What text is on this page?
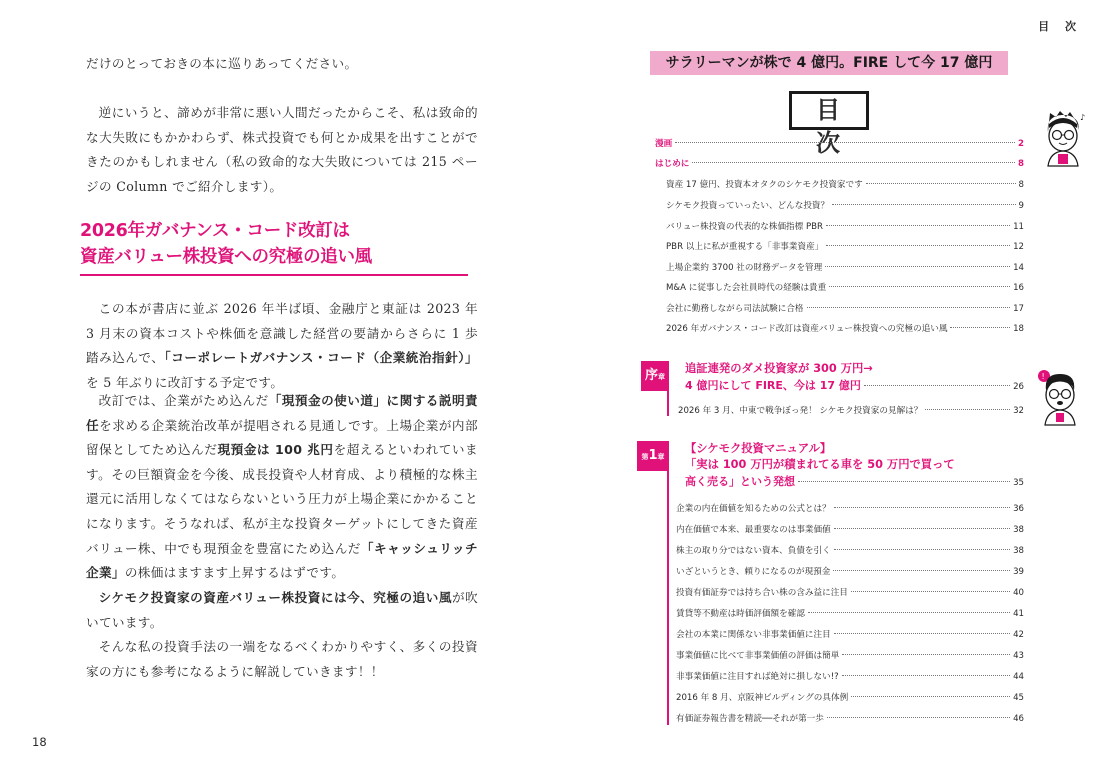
だけのとっておきの本に巡りあってください。

逆にいうと、諦めが非常に悪い人間だったからこそ、私は致命的な大失敗にもかかわらず、株式投資でも何とか成果を出すことができたのかもしれません（私の致命的な大失敗については 215 ページの Column でご紹介します）。

2026年ガバナンス・コード改訂は
資産バリュー株投資への究極の追い風

この本が書店に並ぶ 2026 年半ば頃、金融庁と東証は 2023 年 3 月末の資本コストや株価を意識した経営の要請からさらに 1 歩踏み込んで、「コーポレートガバナンス・コード（企業統治指針）」を 5 年ぶりに改訂する予定です。

改訂では、企業がため込んだ「現預金の使い道」に関する説明責任を求める企業統治改革が提唱される見通しです。上場企業が内部留保としてため込んだ現預金は 100 兆円を超えるといわれています。その巨額資金を今後、成長投資や人材育成、より積極的な株主還元に活用しなくてはならないという圧力が上場企業にかかることになります。そうなれば、私が主な投資ターゲットにしてきた資産バリュー株、中でも現預金を豊富にため込んだ「キャッシュリッチ企業」の株価はますます上昇するはずです。

シケモク投資家の資産バリュー株投資には今、究極の追い風が吹いています。

そんな私の投資手法の一端をなるべくわかりやすく、多くの投資家の方にも参考になるように解説していきます！！

18
目 次
サラリーマンが株で 4 億円。FIRE して今 17 億円
目 次
♪
!
漫画	2
はじめに	8
資産 17 億円、投資本オタクのシケモク投資家です	8
シケモク投資っていったい、どんな投資？	9
バリュー株投資の代表的な株価指標 PBR	11
PBR 以上に私が重視する「非事業資産」	12
上場企業約 3700 社の財務データを管理	14
M&A に従事した会社員時代の経験は貴重	16
会社に勤務しながら司法試験に合格	17
2026 年ガバナンス・コード改訂は資産バリュー株投資への究極の追い風	18
序章
追証連発のダメ投資家が 300 万円→
4 億円にして FIRE、今は 17 億円	26
2026 年 3 月、中東で戦争ぼっ発！ シケモク投資家の見解は？	32
第1章
【シケモク投資マニュアル】
「実は 100 万円が積まれてる車を 50 万円で買って
高く売る」という発想	35
企業の内在価値を知るための公式とは？	36
内在価値で本来、最重要なのは事業価値	38
株主の取り分ではない資本、負債を引く	38
いざというとき、頼りになるのが現預金	39
投資有価証券では持ち合い株の含み益に注目	40
賃貸等不動産は時価評価額を確認	41
会社の本業に関係ない非事業価値に注目	42
事業価値に比べて非事業価値の評価は簡単	43
非事業価値に注目すれば絶対に損しない!?	44
2016 年 8 月、京阪神ビルディングの具体例	45
有価証券報告書を精読──それが第一歩	46
